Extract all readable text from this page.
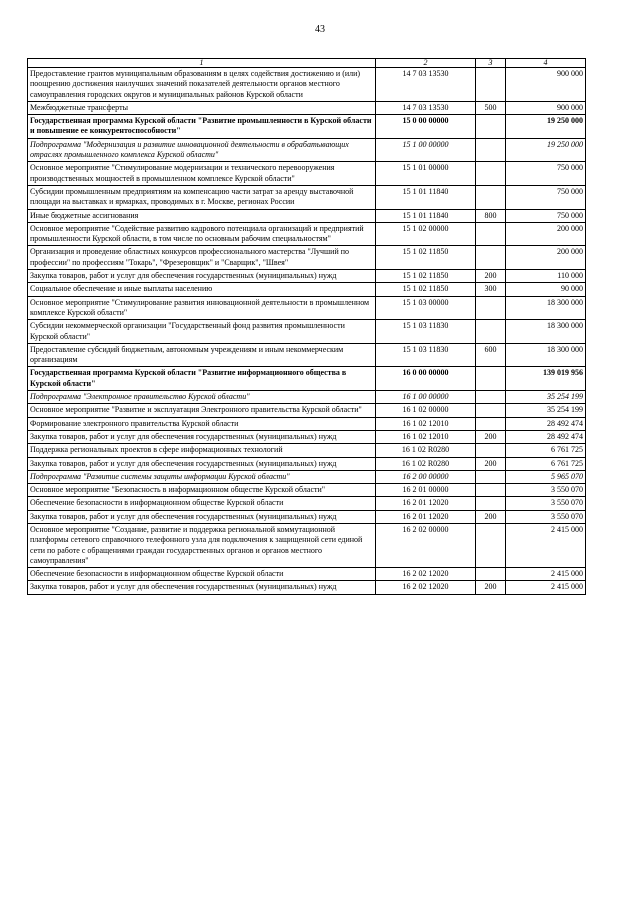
43
1	2	3	4
Предоставление грантов муниципальным образованиям в целях содействия достижению и (или) поощрению достижения наилучших значений показателей деятельности органов местного самоуправления городских округов и муниципальных районов Курской области	14 7 03 13530		900 000
Межбюджетные трансферты	14 7 03 13530	500	900 000
Государственная программа Курской области "Развитие промышленности в Курской области и повышение ее конкурентоспособности"	15 0 00 00000		19 250 000
Подпрограмма "Модернизация и развитие инновационной деятельности в обрабатывающих отраслях промышленного комплекса Курской области"	15 1 00 00000		19 250 000
Основное мероприятие "Стимулирование модернизации и технического перевооружения производственных мощностей в промышленном комплексе Курской области"	15 1 01 00000		750 000
Субсидии промышленным предприятиям на компенсацию части затрат за аренду выставочной площади на выставках и ярмарках, проводимых в г. Москве, регионах России	15 1 01 11840		750 000
Иные бюджетные ассигнования	15 1 01 11840	800	750 000
Основное мероприятие "Содействие развитию кадрового потенциала организаций и предприятий промышленности Курской области, в том числе по основным рабочим специальностям"	15 1 02 00000		200 000
Организация и проведение областных конкурсов профессионального мастерства "Лучший по профессии" по профессиям "Токарь", "Фрезеровщик" и "Сварщик", "Швея"	15 1 02 11850		200 000
Закупка товаров, работ и услуг для обеспечения государственных (муниципальных) нужд	15 1 02 11850	200	110 000
Социальное обеспечение и иные выплаты населению	15 1 02 11850	300	90 000
Основное мероприятие "Стимулирование развития инновационной деятельности в промышленном комплексе Курской области"	15 1 03 00000		18 300 000
Субсидии некоммерческой организации "Государственный фонд развития промышленности Курской области"	15 1 03 11830		18 300 000
Предоставление субсидий бюджетным, автономным учреждениям и иным некоммерческим организациям	15 1 03 11830	600	18 300 000
Государственная программа Курской области "Развитие информационного общества в Курской области"	16 0 00 00000		139 019 956
Подпрограмма "Электронное правительство Курской области"	16 1 00 00000		35 254 199
Основное мероприятие "Развитие и эксплуатация Электронного правительства Курской области"	16 1 02 00000		35 254 199
Формирование электронного правительства Курской области	16 1 02 12010		28 492 474
Закупка товаров, работ и услуг для обеспечения государственных (муниципальных) нужд	16 1 02 12010	200	28 492 474
Поддержка региональных проектов в сфере информационных технологий	16 1 02 R0280		6 761 725
Закупка товаров, работ и услуг для обеспечения государственных (муниципальных) нужд	16 1 02 R0280	200	6 761 725
Подпрограмма "Развитие системы защиты информации Курской области"	16 2 00 00000		5 965 070
Основное мероприятие "Безопасность в информационном обществе Курской области"	16 2 01 00000		3 550 070
Обеспечение безопасности в информационном обществе Курской области	16 2 01 12020		3 550 070
Закупка товаров, работ и услуг для обеспечения государственных (муниципальных) нужд	16 2 01 12020	200	3 550 070
Основное мероприятие "Создание, развитие и поддержка региональной коммутационной платформы сетевого справочного телефонного узла для подключения к защищенной сети единой сети по работе с обращениями граждан государственных органов и органов местного самоуправления"	16 2 02 00000		2 415 000
Обеспечение безопасности в информационном обществе Курской области	16 2 02 12020		2 415 000
Закупка товаров, работ и услуг для обеспечения государственных (муниципальных) нужд	16 2 02 12020	200	2 415 000
